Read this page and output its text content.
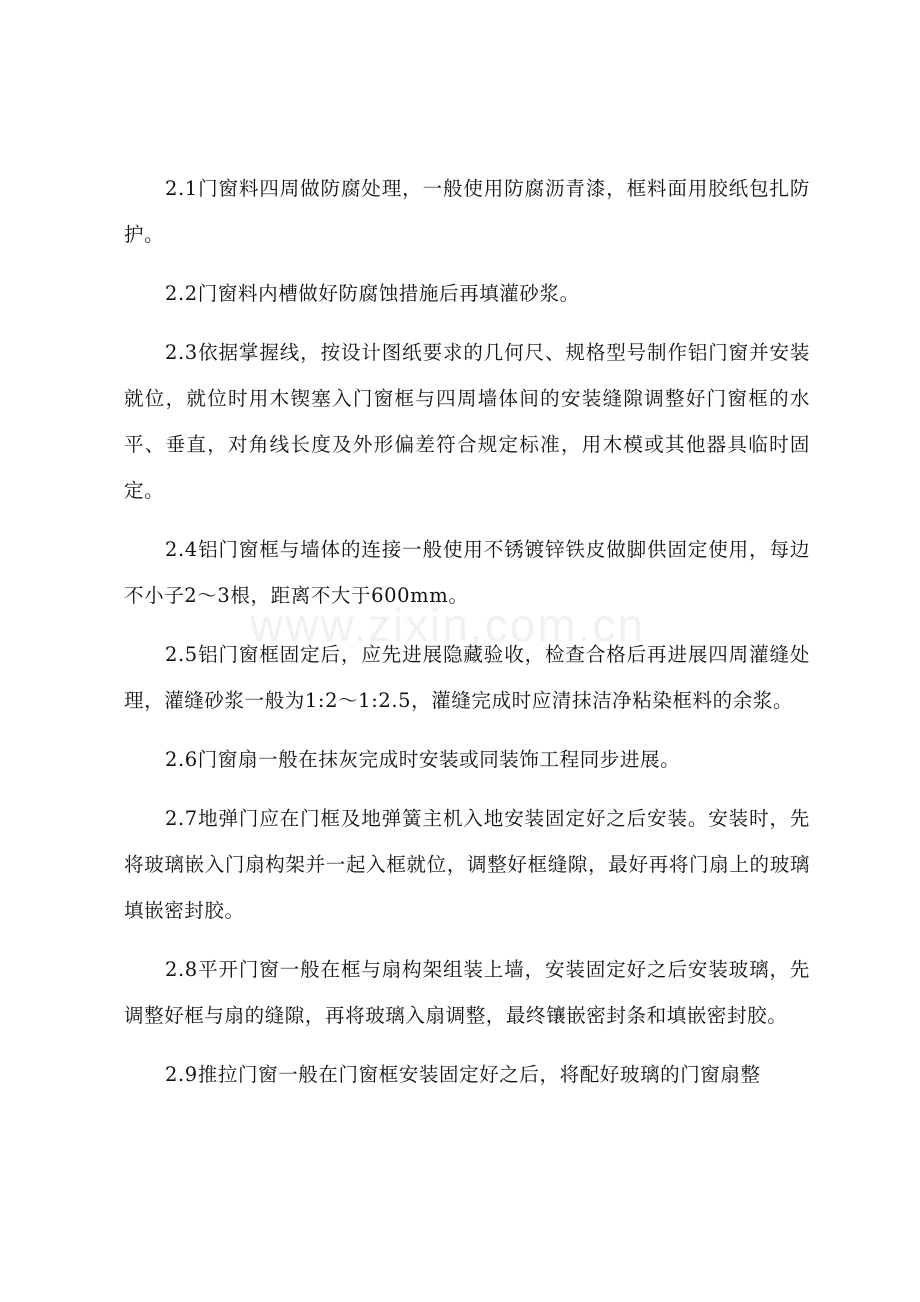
www.zixin.com.cn

2.1门窗料四周做防腐处理，一般使用防腐沥青漆，框料面用胶纸包扎防护。

2.2门窗料内槽做好防腐蚀措施后再填灌砂浆。

2.3依据掌握线，按设计图纸要求的几何尺、规格型号制作铝门窗并安装就位，就位时用木锲塞入门窗框与四周墙体间的安装缝隙调整好门窗框的水平、垂直，对角线长度及外形偏差符合规定标准，用木模或其他器具临时固定。

2.4铝门窗框与墙体的连接一般使用不锈镀锌铁皮做脚供固定使用，每边不小子2～3根，距离不大于600mm。

2.5铝门窗框固定后，应先进展隐藏验收，检查合格后再进展四周灌缝处理，灌缝砂浆一般为1:2～1:2.5，灌缝完成时应清抹洁净粘染框料的余浆。

2.6门窗扇一般在抹灰完成时安装或同装饰工程同步进展。

2.7地弹门应在门框及地弹簧主机入地安装固定好之后安装。安装时，先将玻璃嵌入门扇构架并一起入框就位，调整好框缝隙，最好再将门扇上的玻璃填嵌密封胶。

2.8平开门窗一般在框与扇构架组装上墙，安装固定好之后安装玻璃，先调整好框与扇的缝隙，再将玻璃入扇调整，最终镶嵌密封条和填嵌密封胶。

2.9推拉门窗一般在门窗框安装固定好之后，将配好玻璃的门窗扇整
